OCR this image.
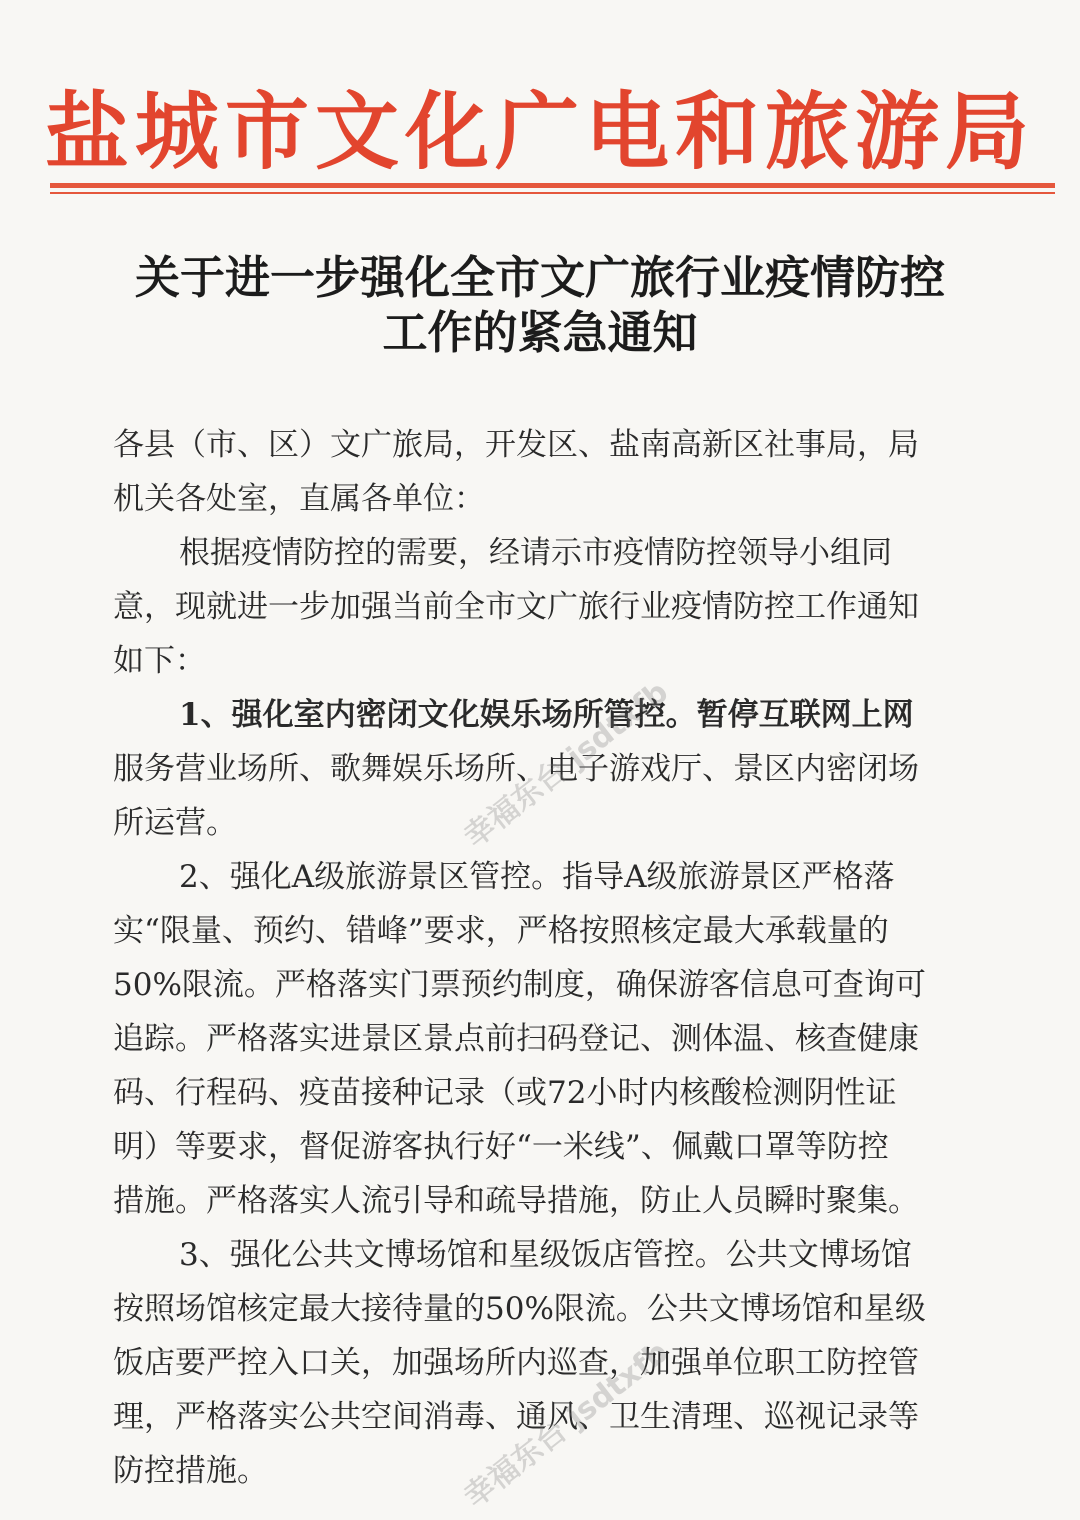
盐城市文化广电和旅游局
关于进一步强化全市文广旅行业疫情防控
工作的紧急通知
各县（市、区）文广旅局，开发区、盐南高新区社事局，局
机关各处室，直属各单位：
根据疫情防控的需要，经请示市疫情防控领导小组同
意，现就进一步加强当前全市文广旅行业疫情防控工作通知
如下：
1、强化室内密闭文化娱乐场所管控。暂停互联网上网
服务营业场所、歌舞娱乐场所、电子游戏厅、景区内密闭场
所运营。
2、强化A级旅游景区管控。指导A级旅游景区严格落
实“限量、预约、错峰”要求，严格按照核定最大承载量的
50%限流。严格落实门票预约制度，确保游客信息可查询可
追踪。严格落实进景区景点前扫码登记、测体温、核查健康
码、行程码、疫苗接种记录（或72小时内核酸检测阴性证
明）等要求，督促游客执行好“一米线”、佩戴口罩等防控
措施。严格落实人流引导和疏导措施，防止人员瞬时聚集。
3、强化公共文博场馆和星级饭店管控。公共文博场馆
按照场馆核定最大接待量的50%限流。公共文博场馆和星级
饭店要严控入口关，加强场所内巡查，加强单位职工防控管
理，严格落实公共空间消毒、通风、卫生清理、巡视记录等
防控措施。
幸福东台 jsdtxfb
幸福东台 jsdtxfb
